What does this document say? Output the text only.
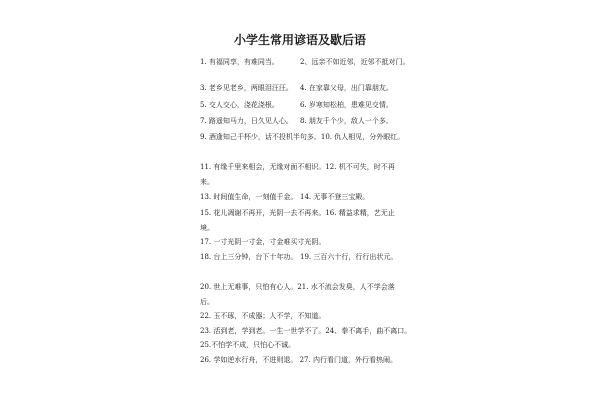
小学生常用谚语及歇后语
1. 有福同享，有难同当。	2、远亲不如近邻，近邻不抵对门。
3. 老乡见老乡，两眼泪汪汪。 4. 在家靠父母，出门靠朋友。
5. 交人交心，浇花浇根。	6. 岁寒知松柏，患难见交情。
7. 路遥知马力，日久见人心。 8. 朋友千个少，敌人一个多。
9. 酒逢知己千杯少，话不投机半句多。10. 仇人相见，分外眼红。
11. 有缘千里来相会，无缘对面不相识。12. 机不可失，时不再
来。
13. 时间值生命，一刻值千金。 14. 无事不登三宝殿。
15. 花儿凋谢不再开，光阴一去不再来。16. 精益求精，艺无止
境。
17. 一寸光阴一寸金，寸金难买寸光阴。
18. 台上三分钟，台下十年功。 19. 三百六十行，行行出状元。
20. 世上无难事，只怕有心人。21. 水不流会发臭，人不学会落
后。
22. 玉不琢，不成器；人不学，不知道。
23. 活到老，学到老。一生一世学不了。24、拳不离手，曲不离口。
25.不怕学不成，只怕心不诚。
26. 学如逆水行舟，不进则退。 27. 内行看门道，外行看热闹。
